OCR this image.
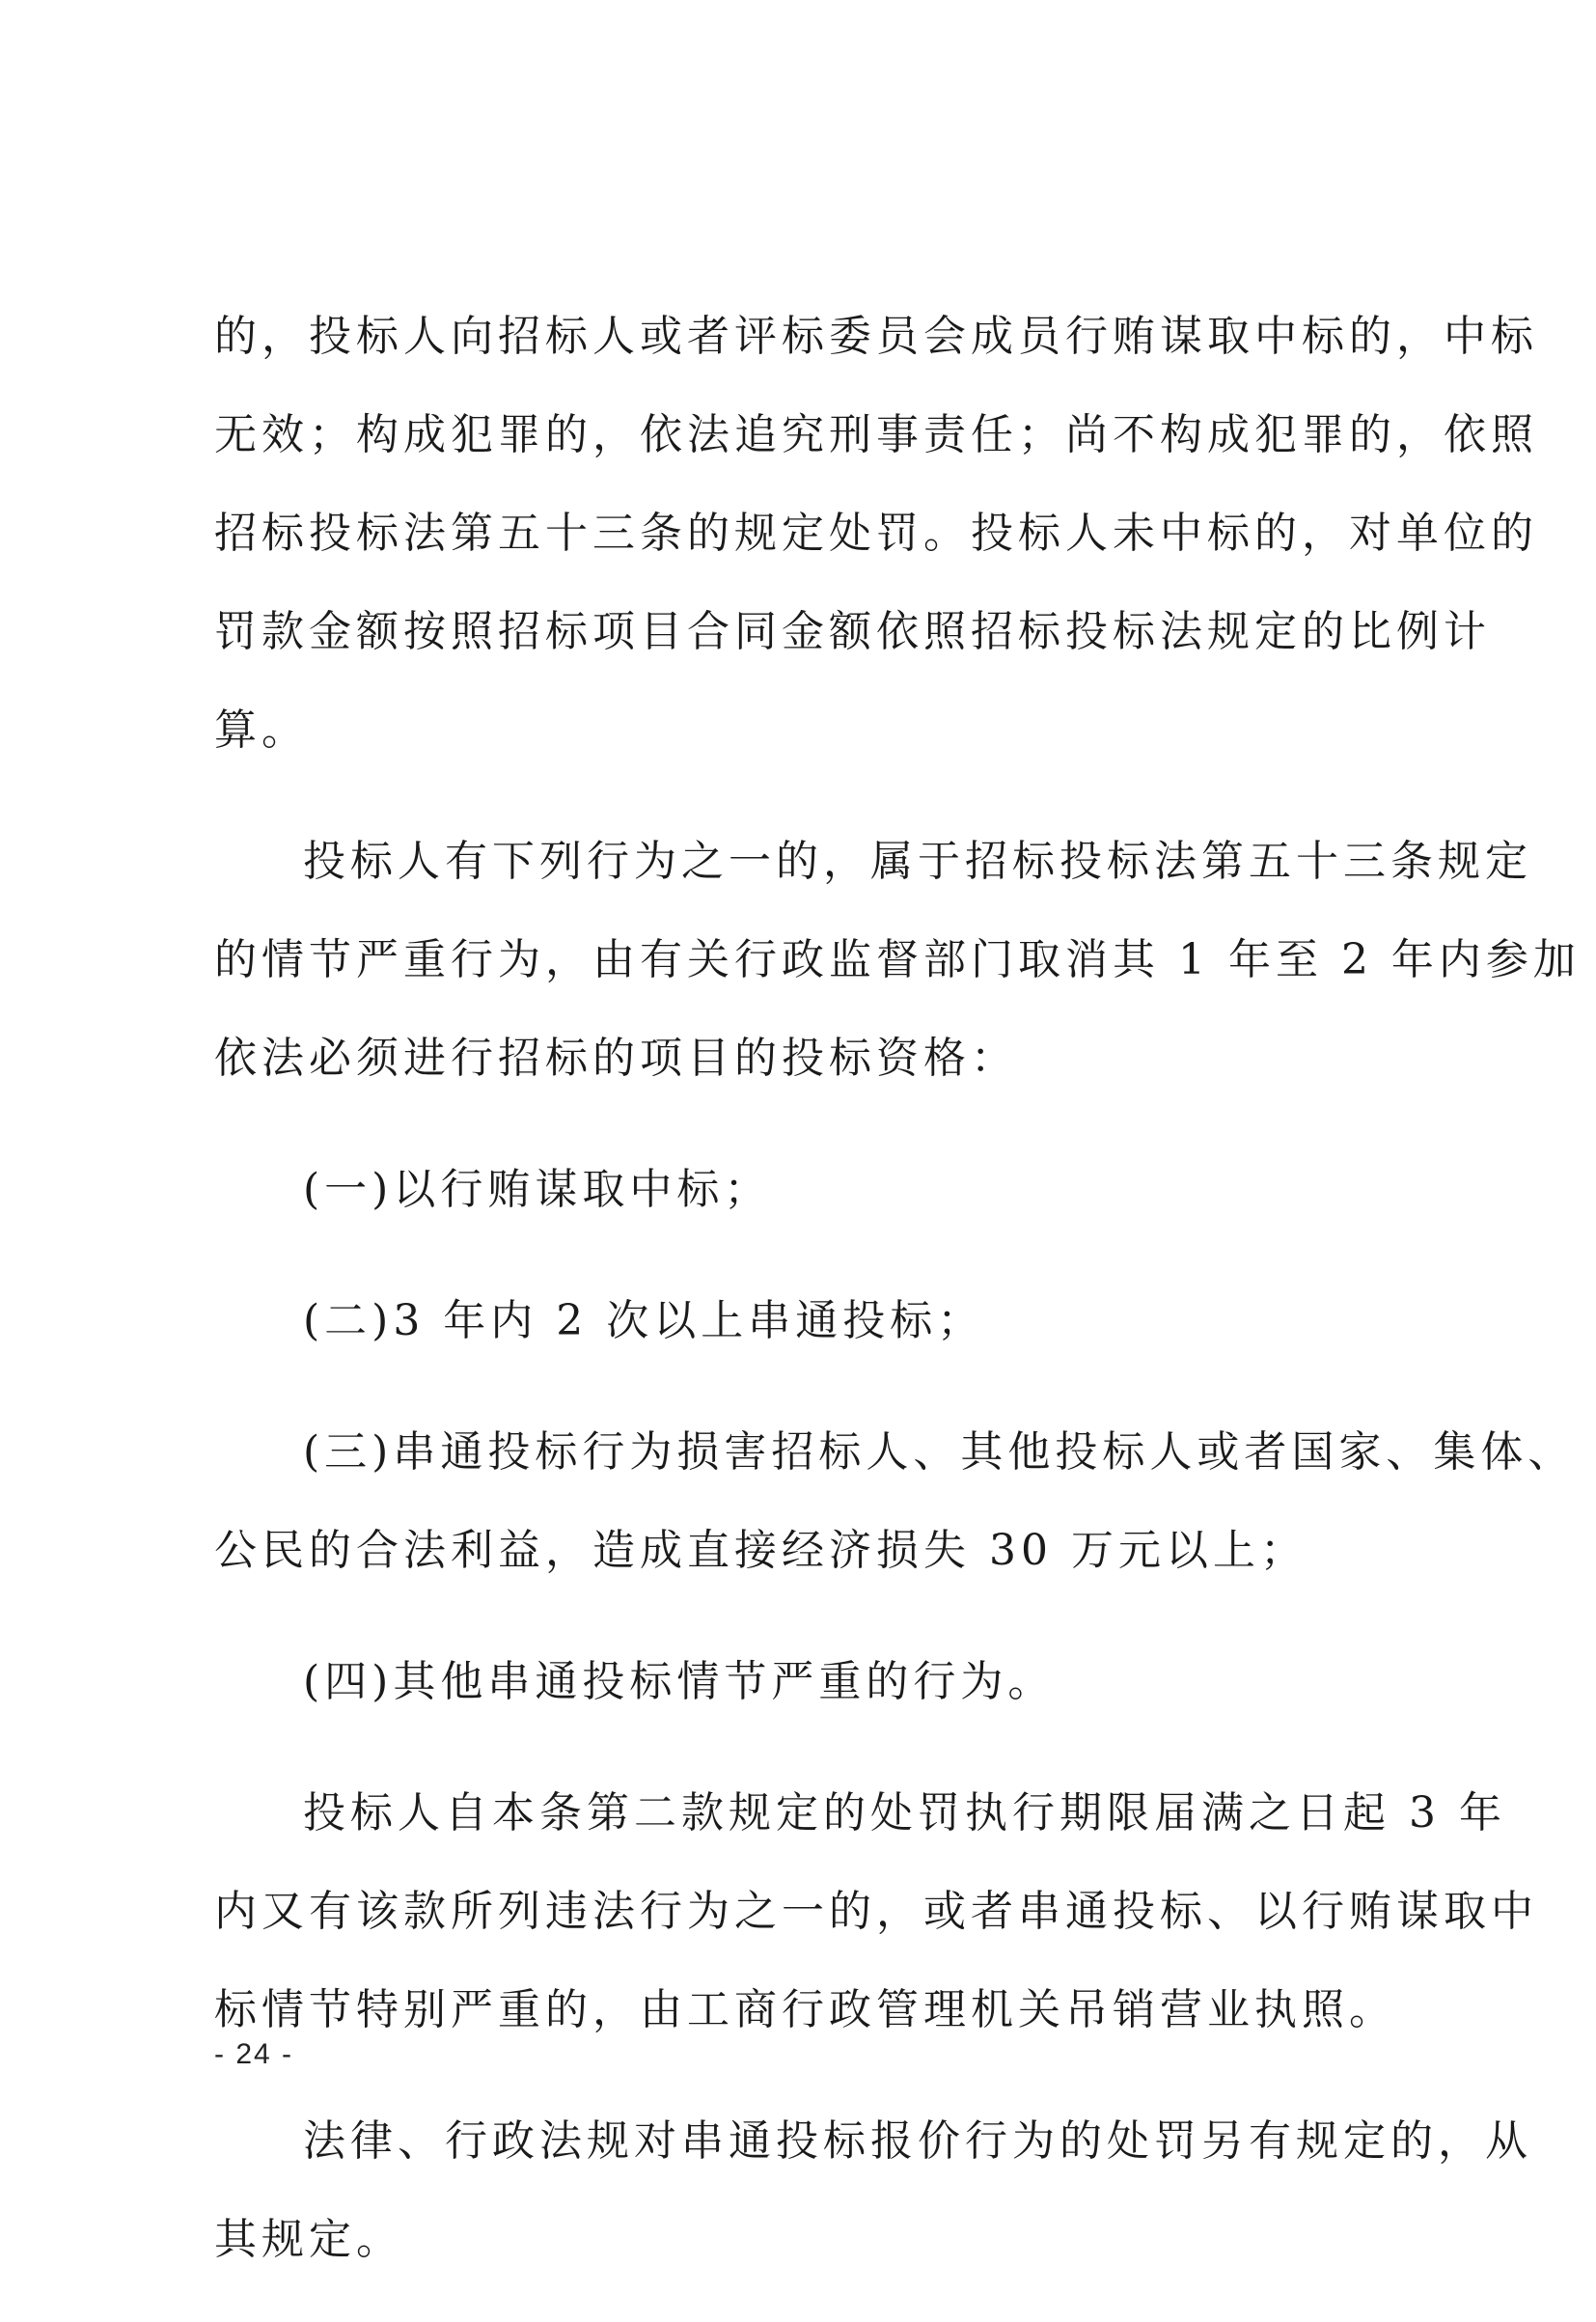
的，投标人向招标人或者评标委员会成员行贿谋取中标的，中标
无效；构成犯罪的，依法追究刑事责任；尚不构成犯罪的，依照
招标投标法第五十三条的规定处罚。投标人未中标的，对单位的
罚款金额按照招标项目合同金额依照招标投标法规定的比例计
算。

投标人有下列行为之一的，属于招标投标法第五十三条规定
的情节严重行为，由有关行政监督部门取消其 1 年至 2 年内参加
依法必须进行招标的项目的投标资格：

(一)以行贿谋取中标；

(二)3 年内 2 次以上串通投标；

(三)串通投标行为损害招标人、其他投标人或者国家、集体、
公民的合法利益，造成直接经济损失 30 万元以上；

(四)其他串通投标情节严重的行为。

投标人自本条第二款规定的处罚执行期限届满之日起 3 年
内又有该款所列违法行为之一的，或者串通投标、以行贿谋取中
标情节特别严重的，由工商行政管理机关吊销营业执照。

法律、行政法规对串通投标报价行为的处罚另有规定的，从
其规定。

- 24 -
